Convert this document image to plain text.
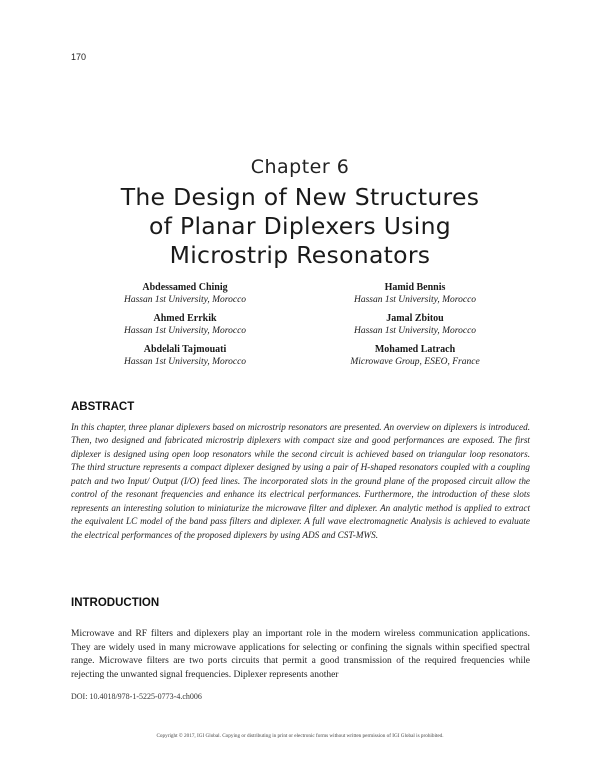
170
Chapter 6
The Design of New Structures
of Planar Diplexers Using
Microstrip Resonators
Abdessamed Chinig
Hassan 1st University, Morocco
Hamid Bennis
Hassan 1st University, Morocco
Ahmed Errkik
Hassan 1st University, Morocco
Jamal Zbitou
Hassan 1st University, Morocco
Abdelali Tajmouati
Hassan 1st University, Morocco
Mohamed Latrach
Microwave Group, ESEO, France
ABSTRACT

In this chapter, three planar diplexers based on microstrip resonators are presented. An overview on diplexers is introduced. Then, two designed and fabricated microstrip diplexers with compact size and good performances are exposed. The first diplexer is designed using open loop resonators while the second circuit is achieved based on triangular loop resonators. The third structure represents a compact diplexer designed by using a pair of H-shaped resonators coupled with a coupling patch and two Input/ Output (I/O) feed lines. The incorporated slots in the ground plane of the proposed circuit allow the control of the resonant frequencies and enhance its electrical performances. Furthermore, the introduction of these slots represents an interesting solution to miniaturize the microwave filter and diplexer. An analytic method is applied to extract the equivalent LC model of the band pass filters and diplexer. A full wave electromagnetic Analysis is achieved to evaluate the electrical performances of the proposed diplexers by using ADS and CST-MWS.

INTRODUCTION

Microwave and RF filters and diplexers play an important role in the modern wireless communication applications. They are widely used in many microwave applications for selecting or confining the signals within specified spectral range. Microwave filters are two ports circuits that permit a good transmission of the required frequencies while rejecting the unwanted signal frequencies. Diplexer represents another

DOI: 10.4018/978-1-5225-0773-4.ch006
Copyright © 2017, IGI Global. Copying or distributing in print or electronic forms without written permission of IGI Global is prohibited.
